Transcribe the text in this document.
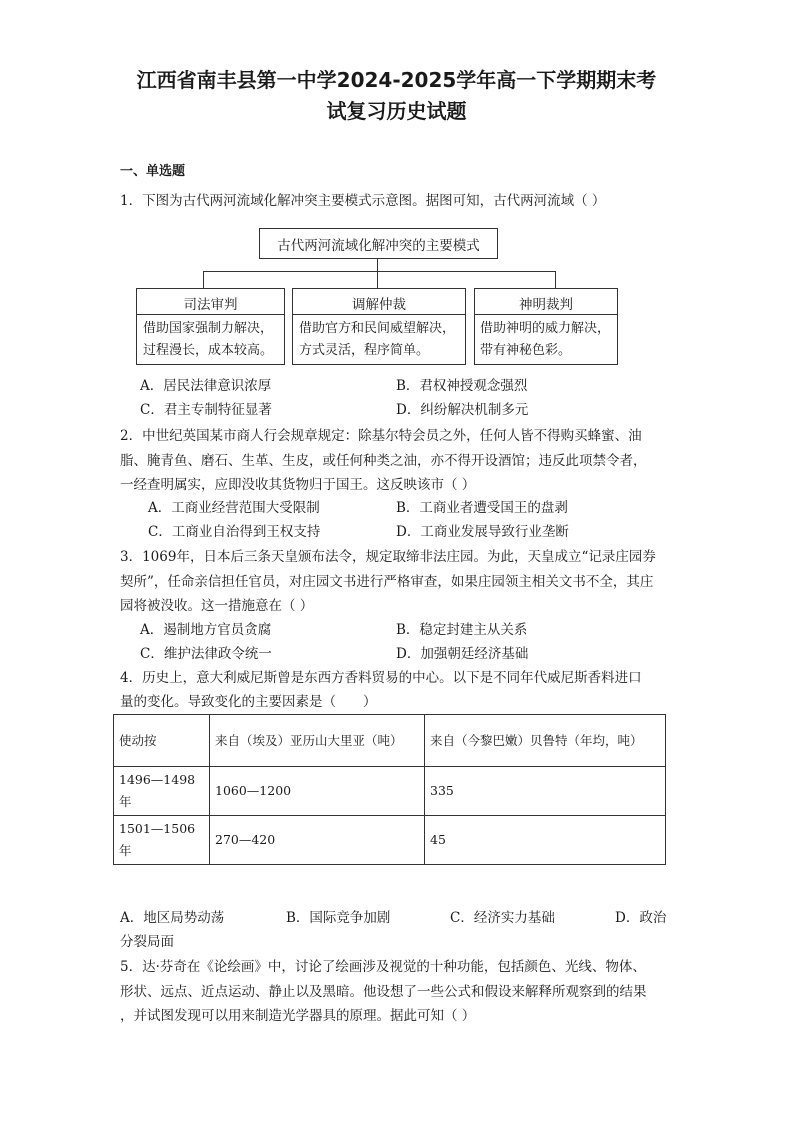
江西省南丰县第一中学2024-2025学年高一下学期期末考
试复习历史试题
一、单选题
1．下图为古代两河流域化解冲突主要模式示意图。据图可知，古代两河流域（ ）
古代两河流域化解冲突的主要模式
司法审判
借助国家强制力解决，
过程漫长，成本较高。
调解仲裁
借助官方和民间威望解决，
方式灵活，程序简单。
神明裁判
借助神明的威力解决，
带有神秘色彩。
A．居民法律意识浓厚	B．君权神授观念强烈
C．君主专制特征显著	D．纠纷解决机制多元
2．中世纪英国某市商人行会规章规定：除基尔特会员之外，任何人皆不得购买蜂蜜、油
脂、腌青鱼、磨石、生革、生皮，或任何种类之油，亦不得开设酒馆；违反此项禁令者，
一经查明属实，应即没收其货物归于国王。这反映该市（ ）
A．工商业经营范围大受限制	B．工商业者遭受国王的盘剥
C．工商业自治得到王权支持	D．工商业发展导致行业垄断
3．1069年，日本后三条天皇颁布法令，规定取缔非法庄园。为此，天皇成立“记录庄园券
契所”，任命亲信担任官员，对庄园文书进行严格审查，如果庄园领主相关文书不全，其庄
园将被没收。这一措施意在（ ）
A．遏制地方官员贪腐	B．稳定封建主从关系
C．维护法律政令统一	D．加强朝廷经济基础
4．历史上，意大利威尼斯曾是东西方香料贸易的中心。以下是不同年代威尼斯香料进口
量的变化。导致变化的主要因素是（　　）
使动按	来自（埃及）亚历山大里亚（吨）	来自（今黎巴嫩）贝鲁特（年均，吨）
1496—1498年	1060—1200	335
1501—1506年	270—420	45
A．地区局势动荡	B．国际竞争加剧	C．经济实力基础	D．政治
分裂局面
5．达·芬奇在《论绘画》中，讨论了绘画涉及视觉的十种功能，包括颜色、光线、物体、
形状、远点、近点运动、静止以及黑暗。他设想了一些公式和假设来解释所观察到的结果
，并试图发现可以用来制造光学器具的原理。据此可知（ ）
